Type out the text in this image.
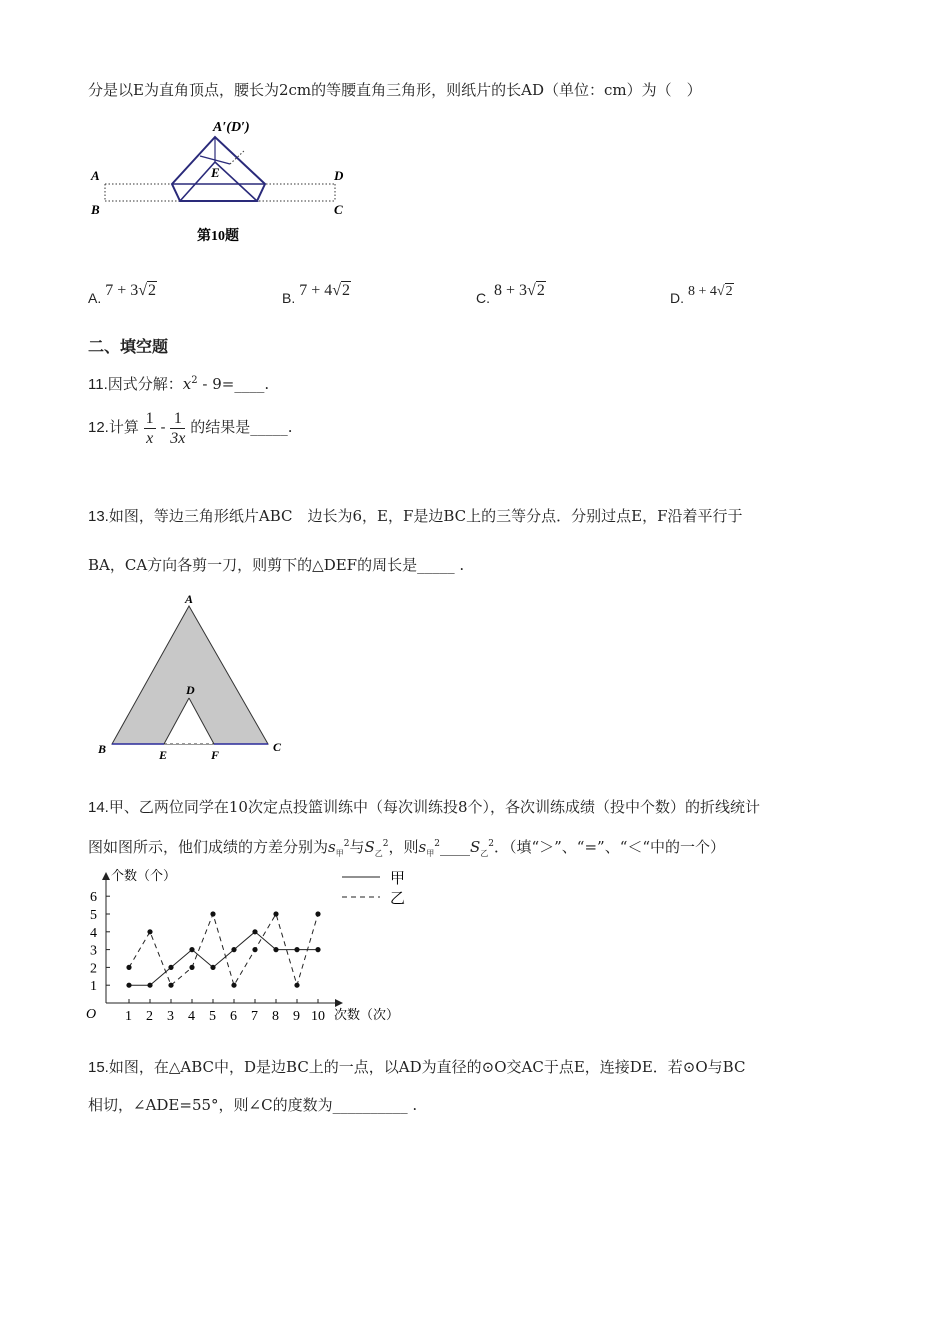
分是以E为直角顶点，腰长为2cm的等腰直角三角形，则纸片的长AD（单位：cm）为（　）
A′(D′)
E
A
B
D
C
第10题
A. 7 + 3√2	B. 7 + 4√2	C. 8 + 3√2	D. 8 + 4√2
二、填空题
11.因式分解：$x^2$ - 9=____.
12.计算 $\frac{1}{x} - \frac{1}{3x}$ 的结果是_____.
13.如图，等边三角形纸片ABC　边长为6，E，F是边BC上的三等分点．分别过点E，F沿着平行于
BA，CA方向各剪一刀，则剪下的△DEF的周长是_____ .
A
B	C
D
E	F
14.甲、乙两位同学在10次定点投篮训练中（每次训练投8个），各次训练成绩（投中个数）的折线统计
图如图所示，他们成绩的方差分别为$s_甲^2$与$S_乙^2$，则$s_甲^2\_\_\_\_S_乙^2$．（填“＞”、“=”、“＜“中的一个）
O
个数（个）
次数（次）
甲
乙
1
2
3
4
5
6
1 2 3 4 5 6 7 8 9 10
15.如图，在△ABC中，D是边BC上的一点，以AD为直径的⊙O交AC于点E，连接DE．若⊙O与BC
相切，∠ADE=55°，则∠C的度数为__________ .
